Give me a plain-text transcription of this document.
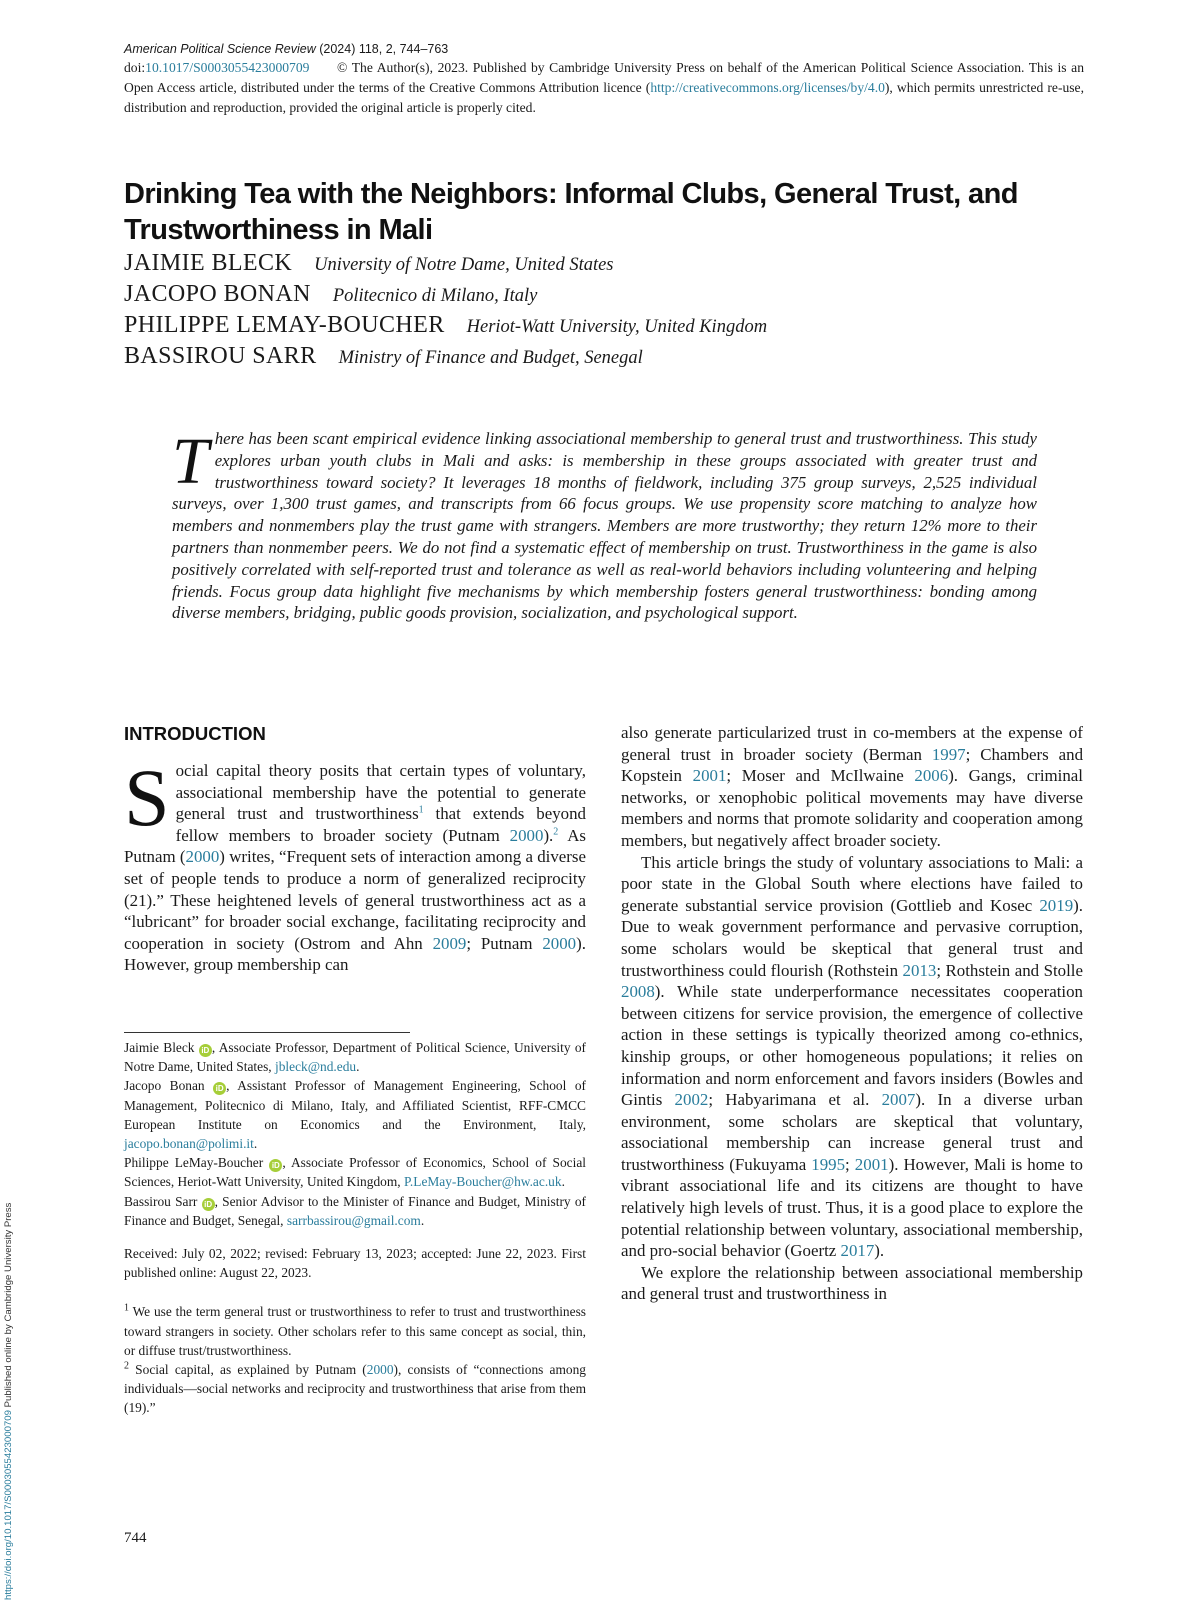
https://doi.org/10.1017/S0003055423000709 Published online by Cambridge University Press
American Political Science Review (2024) 118, 2, 744–763
doi:10.1017/S0003055423000709 © The Author(s), 2023. Published by Cambridge University Press on behalf of the American Political Science Association. This is an Open Access article, distributed under the terms of the Creative Commons Attribution licence (http://creativecommons.org/licenses/by/4.0), which permits unrestricted re-use, distribution and reproduction, provided the original article is properly cited.
Drinking Tea with the Neighbors: Informal Clubs, General Trust, and Trustworthiness in Mali
JAIMIE BLECK University of Notre Dame, United States
JACOPO BONAN Politecnico di Milano, Italy
PHILIPPE LEMAY-BOUCHER Heriot-Watt University, United Kingdom
BASSIROU SARR Ministry of Finance and Budget, Senegal
There has been scant empirical evidence linking associational membership to general trust and trustworthiness. This study explores urban youth clubs in Mali and asks: is membership in these groups associated with greater trust and trustworthiness toward society? It leverages 18 months of fieldwork, including 375 group surveys, 2,525 individual surveys, over 1,300 trust games, and transcripts from 66 focus groups. We use propensity score matching to analyze how members and nonmembers play the trust game with strangers. Members are more trustworthy; they return 12% more to their partners than nonmember peers. We do not find a systematic effect of membership on trust. Trustworthiness in the game is also positively correlated with self-reported trust and tolerance as well as real-world behaviors including volunteering and helping friends. Focus group data highlight five mechanisms by which membership fosters general trustworthiness: bonding among diverse members, bridging, public goods provision, socialization, and psychological support.
INTRODUCTION

Social capital theory posits that certain types of voluntary, associational membership have the potential to generate general trust and trustworthiness$^1$ that extends beyond fellow members to broader society (Putnam 2000).$^2$ As Putnam (2000) writes, “Frequent sets of interaction among a diverse set of people tends to produce a norm of generalized reciprocity (21).” These heightened levels of general trustworthiness act as a “lubricant” for broader social exchange, facilitating reciprocity and cooperation in society (Ostrom and Ahn 2009; Putnam 2000). However, group membership can

Jaimie Bleck iD , Associate Professor, Department of Political Science, University of Notre Dame, United States, jbleck@nd.edu.

Jacopo Bonan iD , Assistant Professor of Management Engineering, School of Management, Politecnico di Milano, Italy, and Affiliated Scientist, RFF-CMCC European Institute on Economics and the Environment, Italy, jacopo.bonan@polimi.it.

Philippe LeMay-Boucher iD , Associate Professor of Economics, School of Social Sciences, Heriot-Watt University, United Kingdom, P.LeMay-Boucher@hw.ac.uk.

Bassirou Sarr iD , Senior Advisor to the Minister of Finance and Budget, Ministry of Finance and Budget, Senegal, sarrbassirou@gmail.com.

Received: July 02, 2022; revised: February 13, 2023; accepted: June 22, 2023. First published online: August 22, 2023.

$^1$ We use the term general trust or trustworthiness to refer to trust and trustworthiness toward strangers in society. Other scholars refer to this same concept as social, thin, or diffuse trust/trustworthiness.

$^2$ Social capital, as explained by Putnam (2000), consists of “connections among individuals—social networks and reciprocity and trustworthiness that arise from them (19).”

also generate particularized trust in co-members at the expense of general trust in broader society (Berman 1997; Chambers and Kopstein 2001; Moser and McIlwaine 2006). Gangs, criminal networks, or xenophobic political movements may have diverse members and norms that promote solidarity and cooperation among members, but negatively affect broader society.

This article brings the study of voluntary associations to Mali: a poor state in the Global South where elections have failed to generate substantial service provision (Gottlieb and Kosec 2019). Due to weak government performance and pervasive corruption, some scholars would be skeptical that general trust and trustworthiness could flourish (Rothstein 2013; Rothstein and Stolle 2008). While state underperformance necessitates cooperation between citizens for service provision, the emergence of collective action in these settings is typically theorized among co-ethnics, kinship groups, or other homogeneous populations; it relies on information and norm enforcement and favors insiders (Bowles and Gintis 2002; Habyarimana et al. 2007). In a diverse urban environment, some scholars are skeptical that voluntary, associational membership can increase general trust and trustworthiness (Fukuyama 1995; 2001). However, Mali is home to vibrant associational life and its citizens are thought to have relatively high levels of trust. Thus, it is a good place to explore the potential relationship between voluntary, associational membership, and pro-social behavior (Goertz 2017).

We explore the relationship between associational membership and general trust and trustworthiness in

744
